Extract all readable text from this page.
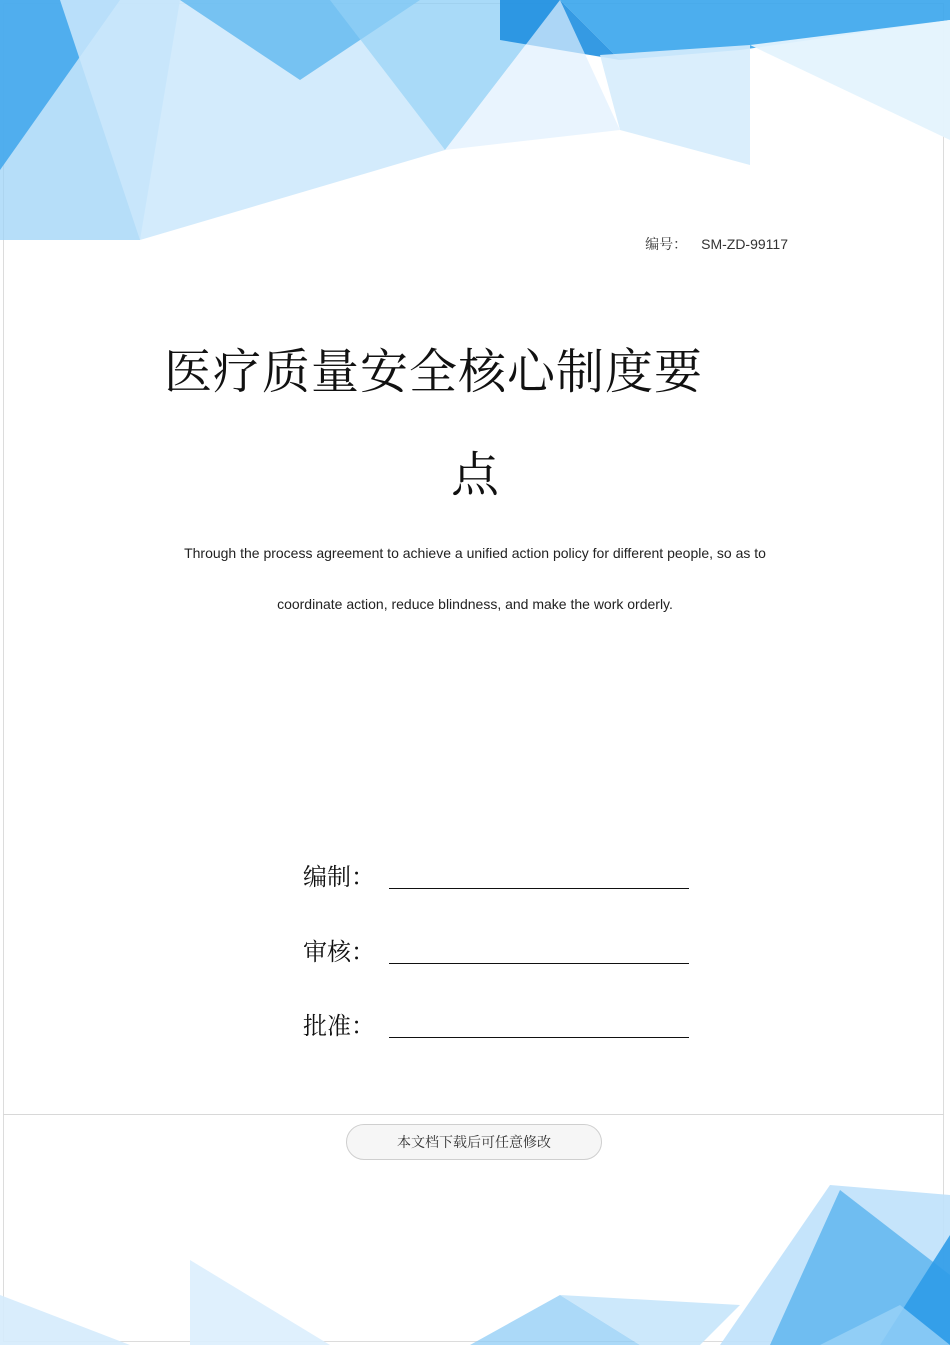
编号： SM-ZD-99117
医疗质量安全核心制度要
点
Through the process agreement to achieve a unified action policy for different people, so as to
coordinate action, reduce blindness, and make the work orderly.
编制：
审核：
批准：
本文档下载后可任意修改
